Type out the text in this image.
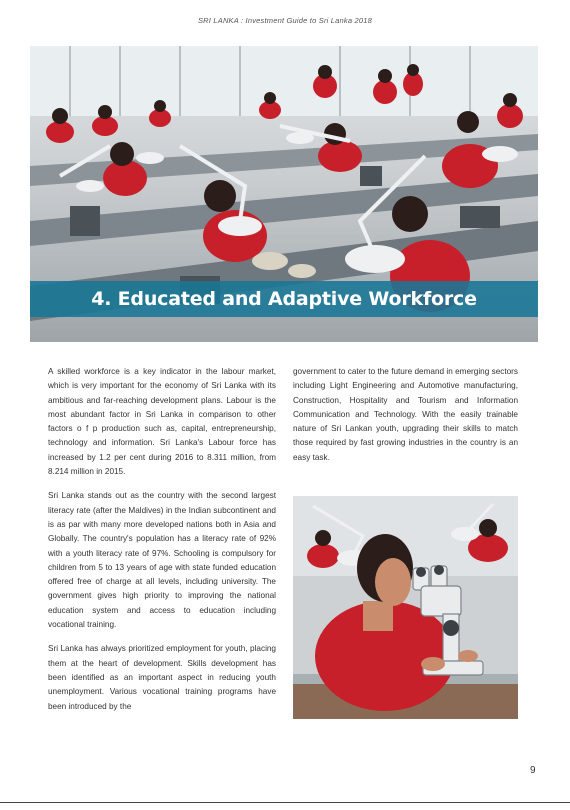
SRI LANKA : Investment Guide to Sri Lanka 2018
4. Educated and Adaptive Workforce

A skilled workforce is a key indicator in the labour market, which is very important for the economy of Sri Lanka with its ambitious and far-reaching development plans. Labour is the most abundant factor in Sri Lanka in comparison to other factors o f p production such as, capital, entrepreneurship, technology and information. Sri Lanka's Labour force has increased by 1.2 per cent during 2016 to 8.311 million, from 8.214 million in 2015.

Sri Lanka stands out as the country with the second largest literacy rate (after the Maldives) in the Indian subcontinent and is as par with many more developed nations both in Asia and Globally. The country's population has a literacy rate of 92% with a youth literacy rate of 97%. Schooling is compulsory for children from 5 to 13 years of age with state funded education offered free of charge at all levels, including university. The government gives high priority to improving the national education system and access to education including vocational training.

Sri Lanka has always prioritized employment for youth, placing them at the heart of development. Skills development has been identified as an important aspect in reducing youth unemployment. Various vocational training programs have been introduced by the

government to cater to the future demand in emerging sectors including Light Engineering and Automotive manufacturing, Construction, Hospitality and Tourism and Information Communication and Technology. With the easily trainable nature of Sri Lankan youth, upgrading their skills to match those required by fast growing industries in the country is an easy task.

9
